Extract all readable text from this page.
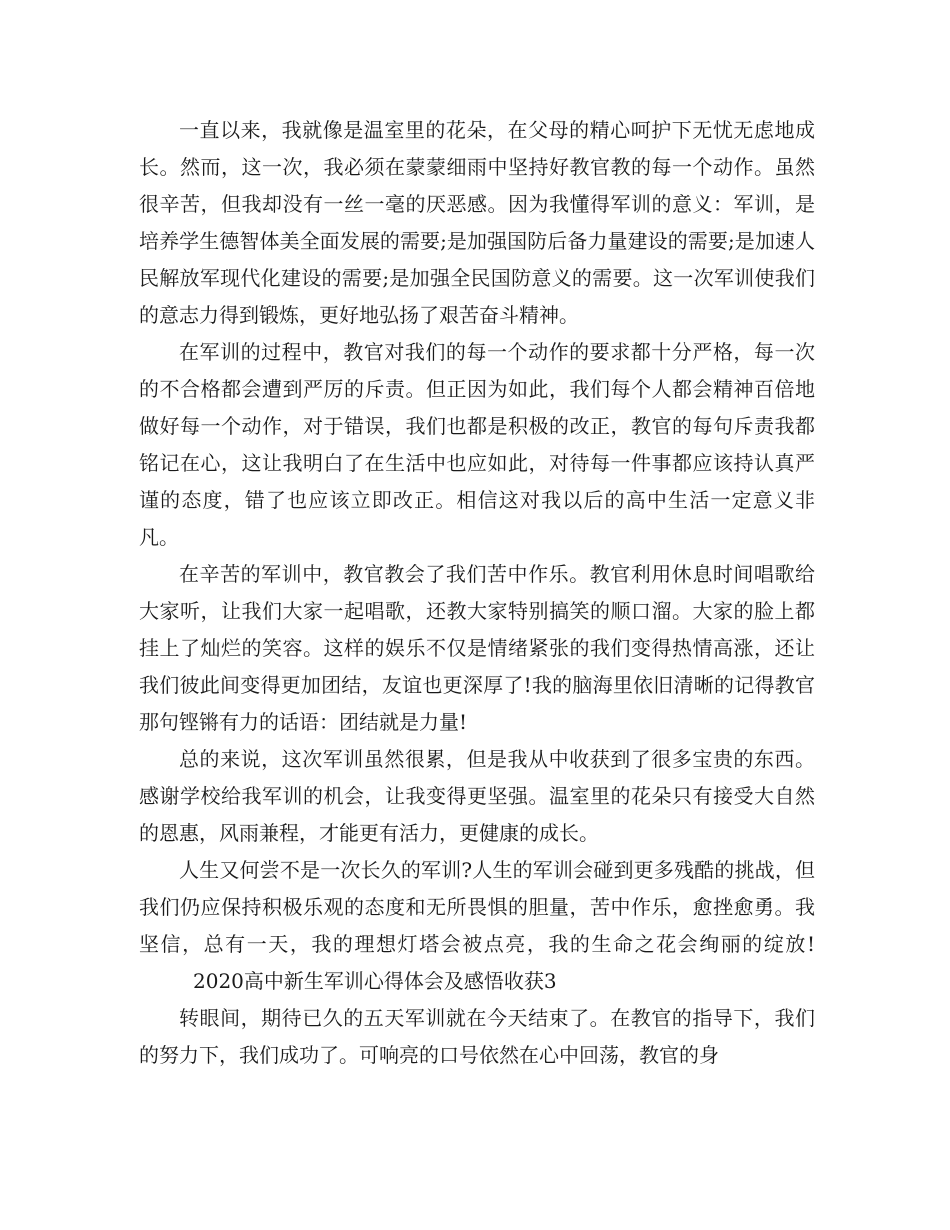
一直以来，我就像是温室里的花朵，在父母的精心呵护下无忧无虑地成长。然而，这一次，我必须在蒙蒙细雨中坚持好教官教的每一个动作。虽然很辛苦，但我却没有一丝一毫的厌恶感。因为我懂得军训的意义：军训，是培养学生德智体美全面发展的需要;是加强国防后备力量建设的需要;是加速人民解放军现代化建设的需要;是加强全民国防意义的需要。这一次军训使我们的意志力得到锻炼，更好地弘扬了艰苦奋斗精神。

在军训的过程中，教官对我们的每一个动作的要求都十分严格，每一次的不合格都会遭到严厉的斥责。但正因为如此，我们每个人都会精神百倍地做好每一个动作，对于错误，我们也都是积极的改正，教官的每句斥责我都铭记在心，这让我明白了在生活中也应如此，对待每一件事都应该持认真严谨的态度，错了也应该立即改正。相信这对我以后的高中生活一定意义非凡。

在辛苦的军训中，教官教会了我们苦中作乐。教官利用休息时间唱歌给大家听，让我们大家一起唱歌，还教大家特别搞笑的顺口溜。大家的脸上都挂上了灿烂的笑容。这样的娱乐不仅是情绪紧张的我们变得热情高涨，还让我们彼此间变得更加团结，友谊也更深厚了!我的脑海里依旧清晰的记得教官那句铿锵有力的话语：团结就是力量!

总的来说，这次军训虽然很累，但是我从中收获到了很多宝贵的东西。感谢学校给我军训的机会，让我变得更坚强。温室里的花朵只有接受大自然的恩惠，风雨兼程，才能更有活力，更健康的成长。

人生又何尝不是一次长久的军训?人生的军训会碰到更多残酷的挑战，但我们仍应保持积极乐观的态度和无所畏惧的胆量，苦中作乐，愈挫愈勇。我坚信，总有一天，我的理想灯塔会被点亮，我的生命之花会绚丽的绽放!2020高中新生军训心得体会及感悟收获3

转眼间，期待已久的五天军训就在今天结束了。在教官的指导下，我们的努力下，我们成功了。可响亮的口号依然在心中回荡，教官的身
